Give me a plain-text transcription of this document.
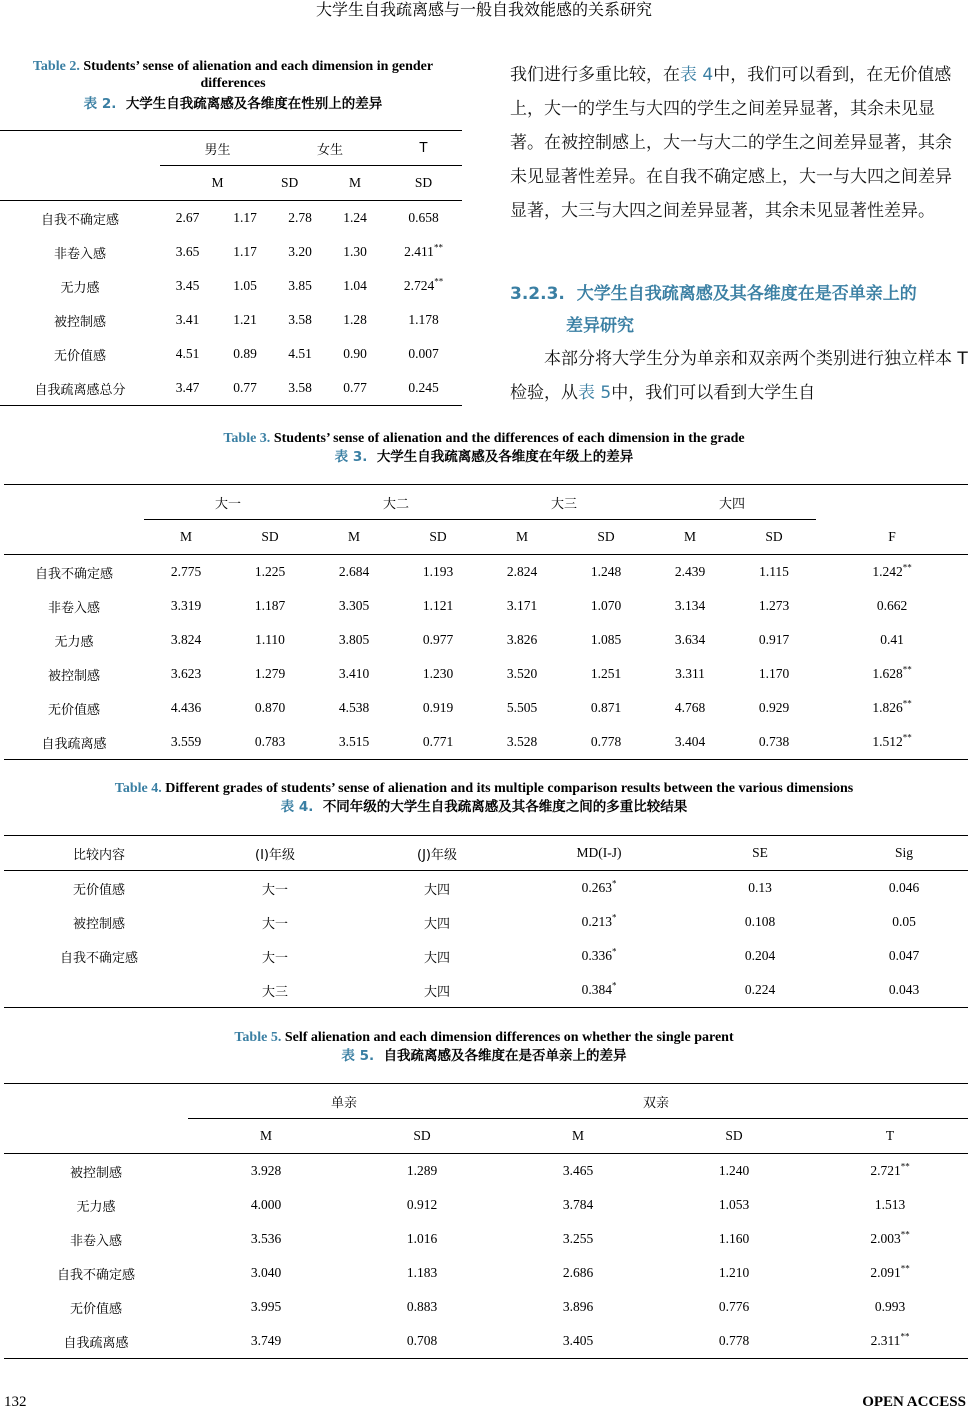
大学生自我疏离感与一般自我效能感的关系研究
Table 2. Students’ sense of alienation and each dimension in gender differences
表 2. 大学生自我疏离感及各维度在性别上的差异
	男生		女生		T
	M		SD	M	SD
自我不确定感	2.67	1.17	2.78	1.24	0.658
非卷入感	3.65	1.17	3.20	1.30	2.411**
无力感	3.45	1.05	3.85	1.04	2.724**
被控制感	3.41	1.21	3.58	1.28	1.178
无价值感	4.51	0.89	4.51	0.90	0.007
自我疏离感总分	3.47	0.77	3.58	0.77	0.245
我们进行多重比较，在表 4中，我们可以看到，在无价值感上，大一的学生与大四的学生之间差异显著，其余未见显著。在被控制感上，大一与大二的学生之间差异显著，其余未见显著性差异。在自我不确定感上，大一与大四之间差异显著，大三与大四之间差异显著，其余未见显著性差异。
3.2.3. 大学生自我疏离感及其各维度在是否单亲上的
差异研究
本部分将大学生分为单亲和双亲两个类别进行独立样本 T 检验，从表 5中，我们可以看到大学生自
Table 3. Students’ sense of alienation and the differences of each dimension in the grade
表 3. 大学生自我疏离感及各维度在年级上的差异
	大一		大二		大三		大四		
	M	SD	M	SD	M	SD	M	SD	F
自我不确定感	2.775	1.225	2.684	1.193	2.824	1.248	2.439	1.115	1.242**
非卷入感	3.319	1.187	3.305	1.121	3.171	1.070	3.134	1.273	0.662
无力感	3.824	1.110	3.805	0.977	3.826	1.085	3.634	0.917	0.41
被控制感	3.623	1.279	3.410	1.230	3.520	1.251	3.311	1.170	1.628**
无价值感	4.436	0.870	4.538	0.919	5.505	0.871	4.768	0.929	1.826**
自我疏离感	3.559	0.783	3.515	0.771	3.528	0.778	3.404	0.738	1.512**
Table 4. Different grades of students’ sense of alienation and its multiple comparison results between the various dimensions
表 4. 不同年级的大学生自我疏离感及其各维度之间的多重比较结果
比较内容	(I)年级	(J)年级	MD(I-J)	SE	Sig
无价值感	大一	大四	0.263*	0.13	0.046
被控制感	大一	大四	0.213*	0.108	0.05
自我不确定感	大一	大四	0.336*	0.204	0.047
	大三	大四	0.384*	0.224	0.043
Table 5. Self alienation and each dimension differences on whether the single parent
表 5. 自我疏离感及各维度在是否单亲上的差异
	单亲		双亲		
	M	SD	M	SD	T
被控制感	3.928	1.289	3.465	1.240	2.721**
无力感	4.000	0.912	3.784	1.053	1.513
非卷入感	3.536	1.016	3.255	1.160	2.003**
自我不确定感	3.040	1.183	2.686	1.210	2.091**
无价值感	3.995	0.883	3.896	0.776	0.993
自我疏离感	3.749	0.708	3.405	0.778	2.311**
132	OPEN ACCESS
